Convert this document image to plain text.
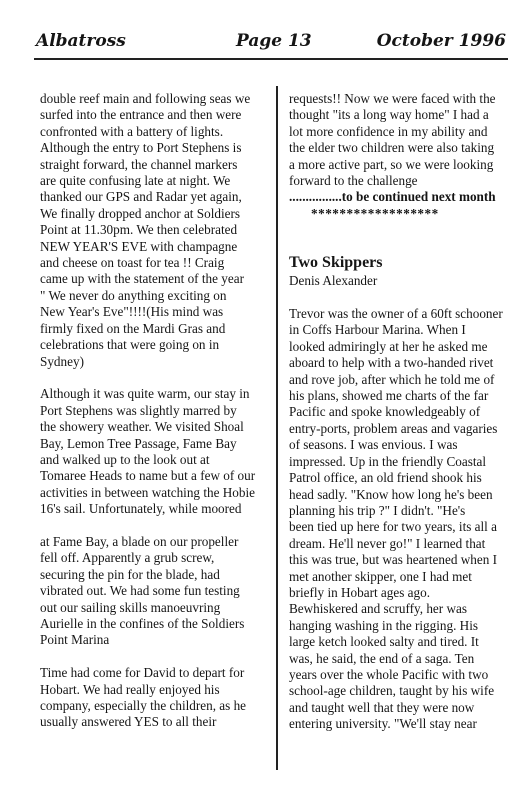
Albatross	Page 13	October 1996

double reef main and following seas we

surfed into the entrance and then were

confronted with a battery of lights.

Although the entry to Port Stephens is

straight forward, the channel markers

are quite confusing late at night. We

thanked our GPS and Radar yet again,

We finally dropped anchor at Soldiers

Point at 11.30pm. We then celebrated

NEW YEAR'S EVE with champagne

and cheese on toast for tea !! Craig

came up with the statement of the year

" We never do anything exciting on

New Year's Eve"!!!!(His mind was

firmly fixed on the Mardi Gras and

celebrations that were going on in

Sydney)

Although it was quite warm, our stay in

Port Stephens was slightly marred by

the showery weather. We visited Shoal

Bay, Lemon Tree Passage, Fame Bay

and walked up to the look out at

Tomaree Heads to name but a few of our

activities in between watching the Hobie

16's sail. Unfortunately, while moored

at Fame Bay, a blade on our propeller

fell off. Apparently a grub screw,

securing the pin for the blade, had

vibrated out. We had some fun testing

out our sailing skills manoeuvring

Aurielle in the confines of the Soldiers

Point Marina

Time had come for David to depart for

Hobart. We had really enjoyed his

company, especially the children, as he

usually answered YES to all their

requests!! Now we were faced with the

thought "its a long way home" I had a

lot more confidence in my ability and

the elder two children were also taking

a more active part, so we were looking

forward to the challenge

................to be continued next month

******************

Two Skippers

Denis Alexander

Trevor was the owner of a 60ft schooner

in Coffs Harbour Marina. When I

looked admiringly at her he asked me

aboard to help with a two-handed rivet

and rove job, after which he told me of

his plans, showed me charts of the far

Pacific and spoke knowledgeably of

entry-ports, problem areas and vagaries

of seasons. I was envious. I was

impressed. Up in the friendly Coastal

Patrol office, an old friend shook his

head sadly. "Know how long he's been

planning his trip ?" I didn't. "He's

been tied up here for two years, its all a

dream. He'll never go!" I learned that

this was true, but was heartened when I

met another skipper, one I had met

briefly in Hobart ages ago.

Bewhiskered and scruffy, her was

hanging washing in the rigging. His

large ketch looked salty and tired. It

was, he said, the end of a saga. Ten

years over the whole Pacific with two

school-age children, taught by his wife

and taught well that they were now

entering university. "We'll stay near
